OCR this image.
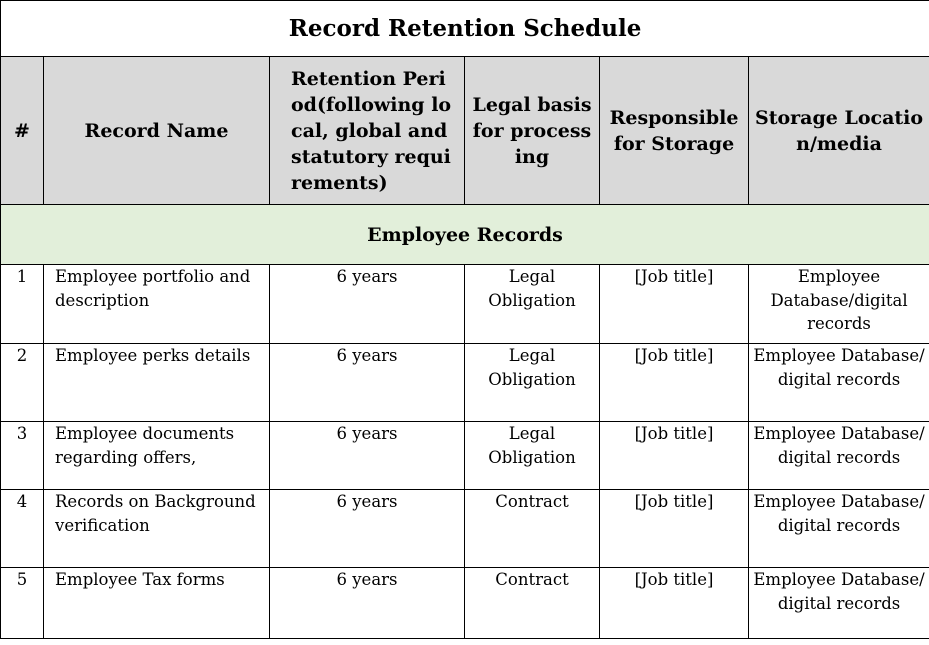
Record Retention Schedule					
#	Record Name	Retention Period(following local, global and statutory requirements)	Legal basis for processing	Responsible for Storage	Storage Location/media
Employee Records					
1	Employee portfolio and description	6 years	Legal Obligation	[Job title]	Employee Database/digital records
2	Employee perks details	6 years	Legal Obligation	[Job title]	Employee Database/ digital records
3	Employee documents regarding offers,	6 years	Legal Obligation	[Job title]	Employee Database/ digital records
4	Records on Background verification	6 years	Contract	[Job title]	Employee Database/ digital records
5	Employee Tax forms	6 years	Contract	[Job title]	Employee Database/ digital records
